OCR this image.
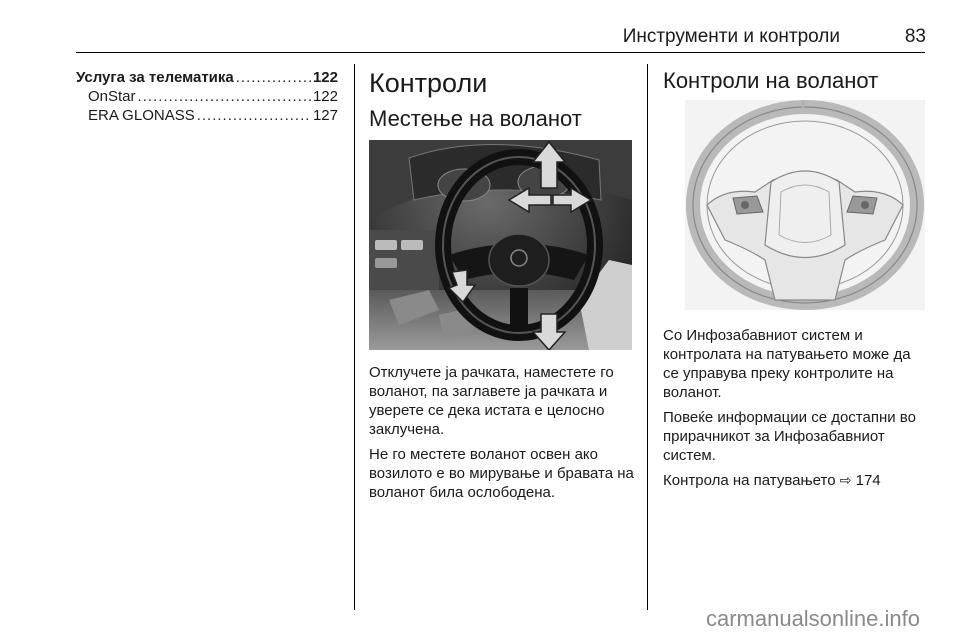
Инструменти и контроли	83
Услуга за телематика .....	122
OnStar .....	122
ERA GLONASS .....	127
Контроли
Местење на воланот

Отклучете ја рачката, наместете го воланот, па заглавете ја рачката и уверете се дека истата е целосно заклучена.

Не го местете воланот освен ако возилото е во мирување и бравата на воланот била ослободена.

Контроли на воланот

Со Инфозабавниот систем и контролата на патувањето може да се управува преку контролите на воланот.

Повеќе информации се достапни во прирачникот за Инфозабавниот систем.

Контрола на патувањето ⇨ 174

carmanualsonline.info
